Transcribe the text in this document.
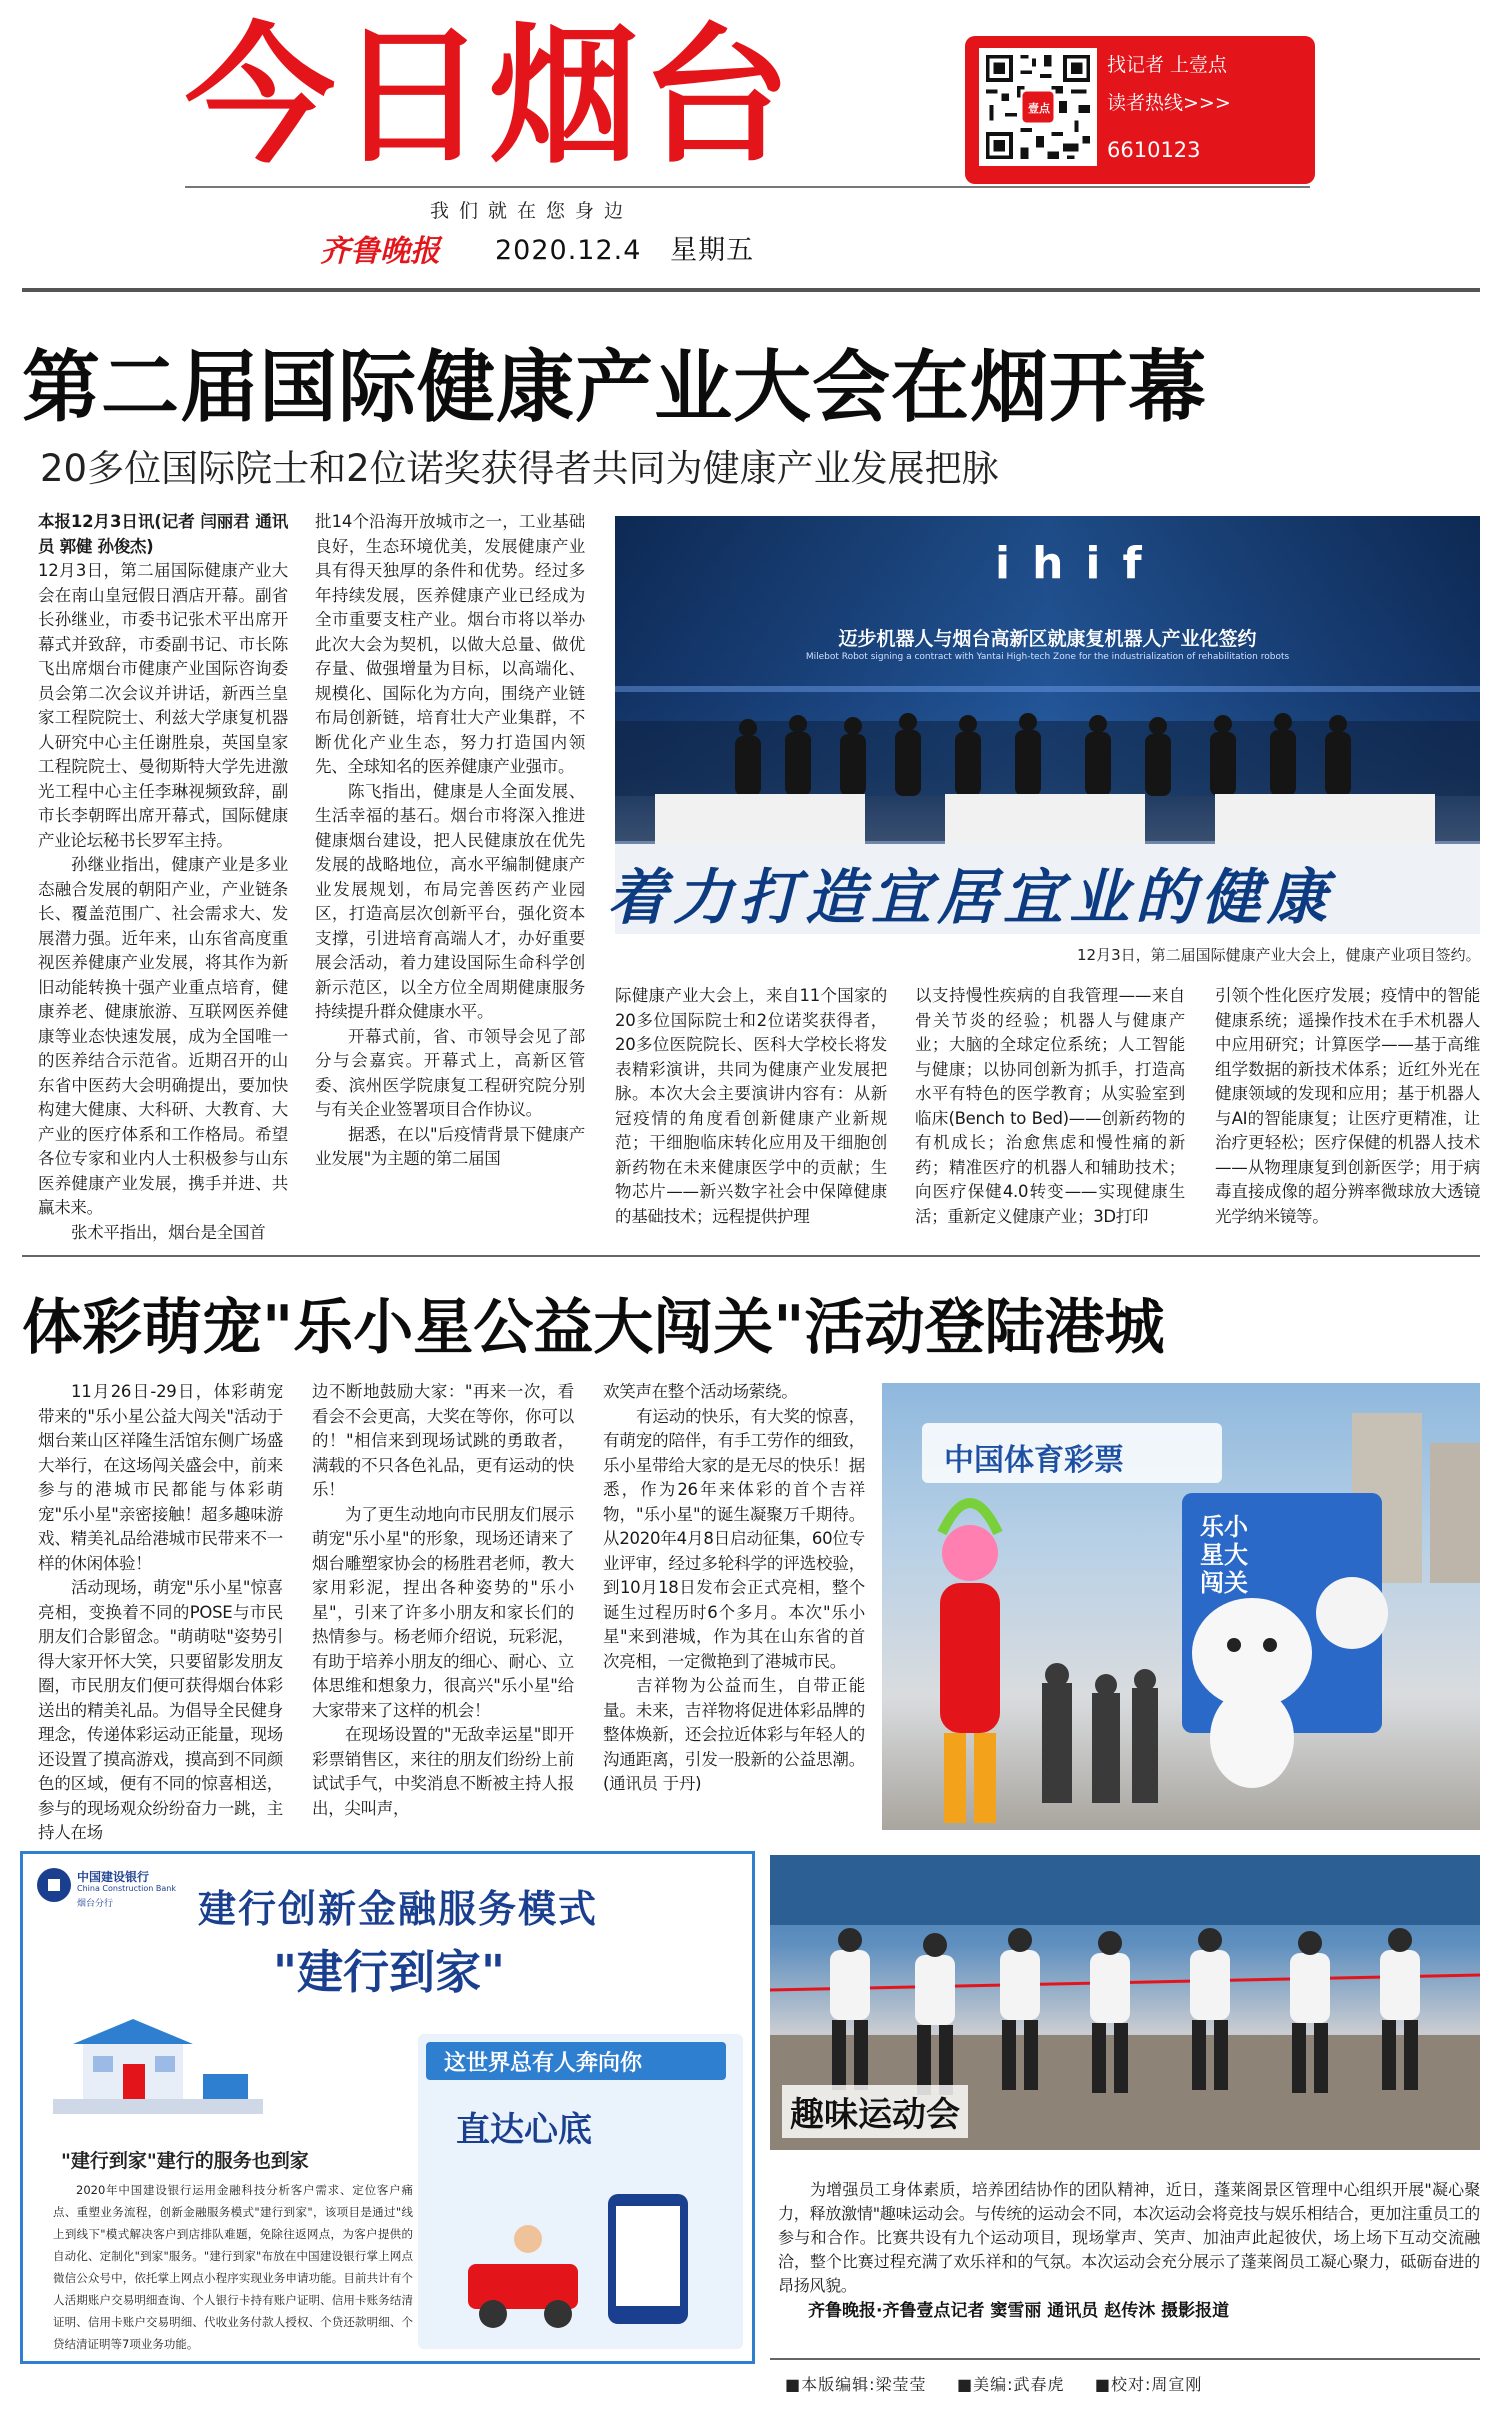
今日烟台	壹点
找记者 上壹点
读者热线>>>
6610123
我们就在您身边
齐鲁晚报 2020.12.4 星期五
第二届国际健康产业大会在烟开幕
20多位国际院士和2位诺奖获得者共同为健康产业发展把脉
本报12月3日讯(记者 闫丽君 通讯员 郭健 孙俊杰)

12月3日，第二届国际健康产业大会在南山皇冠假日酒店开幕。副省长孙继业，市委书记张术平出席开幕式并致辞，市委副书记、市长陈飞出席烟台市健康产业国际咨询委员会第二次会议并讲话，新西兰皇家工程院院士、利兹大学康复机器人研究中心主任谢胜泉，英国皇家工程院院士、曼彻斯特大学先进激光工程中心主任李琳视频致辞，副市长李朝晖出席开幕式，国际健康产业论坛秘书长罗军主持。

孙继业指出，健康产业是多业态融合发展的朝阳产业，产业链条长、覆盖范围广、社会需求大、发展潜力强。近年来，山东省高度重视医养健康产业发展，将其作为新旧动能转换十强产业重点培育，健康养老、健康旅游、互联网医养健康等业态快速发展，成为全国唯一的医养结合示范省。近期召开的山东省中医药大会明确提出，要加快构建大健康、大科研、大教育、大产业的医疗体系和工作格局。希望各位专家和业内人士积极参与山东医养健康产业发展，携手并进、共赢未来。

张术平指出，烟台是全国首

批14个沿海开放城市之一，工业基础良好，生态环境优美，发展健康产业具有得天独厚的条件和优势。经过多年持续发展，医养健康产业已经成为全市重要支柱产业。烟台市将以举办此次大会为契机，以做大总量、做优存量、做强增量为目标，以高端化、规模化、国际化为方向，围绕产业链布局创新链，培育壮大产业集群，不断优化产业生态，努力打造国内领先、全球知名的医养健康产业强市。

陈飞指出，健康是人全面发展、生活幸福的基石。烟台市将深入推进健康烟台建设，把人民健康放在优先发展的战略地位，高水平编制健康产业发展规划，布局完善医药产业园区，打造高层次创新平台，强化资本支撑，引进培育高端人才，办好重要展会活动，着力建设国际生命科学创新示范区，以全方位全周期健康服务持续提升群众健康水平。

开幕式前，省、市领导会见了部分与会嘉宾。开幕式上，高新区管委、滨州医学院康复工程研究院分别与有关企业签署项目合作协议。

据悉，在以"后疫情背景下健康产业发展"为主题的第二届国

ihif
迈步机器人与烟台高新区就康复机器人产业化签约
Milebot Robot signing a contract with Yantai High-tech Zone for the industrialization of rehabilitation robots
着力打造宜居宜业的健康
12月3日，第二届国际健康产业大会上，健康产业项目签约。
际健康产业大会上，来自11个国家的20多位国际院士和2位诺奖获得者，20多位医院院长、医科大学校长将发表精彩演讲，共同为健康产业发展把脉。本次大会主要演讲内容有：从新冠疫情的角度看创新健康产业新规范；干细胞临床转化应用及干细胞创新药物在未来健康医学中的贡献；生物芯片——新兴数字社会中保障健康的基础技术；远程提供护理
以支持慢性疾病的自我管理——来自骨关节炎的经验；机器人与健康产业；大脑的全球定位系统；人工智能与健康；以协同创新为抓手，打造高水平有特色的医学教育；从实验室到临床(Bench to Bed)——创新药物的有机成长；治愈焦虑和慢性痛的新药；精准医疗的机器人和辅助技术；向医疗保健4.0转变——实现健康生活；重新定义健康产业；3D打印
引领个性化医疗发展；疫情中的智能健康系统；遥操作技术在手术机器人中应用研究；计算医学——基于高维组学数据的新技术体系；近红外光在健康领域的发现和应用；基于机器人与AI的智能康复；让医疗更精准，让治疗更轻松；医疗保健的机器人技术——从物理康复到创新医学；用于病毒直接成像的超分辨率微球放大透镜光学纳米镜等。
体彩萌宠"乐小星公益大闯关"活动登陆港城

11月26日-29日，体彩萌宠带来的"乐小星公益大闯关"活动于烟台莱山区祥隆生活馆东侧广场盛大举行，在这场闯关盛会中，前来参与的港城市民都能与体彩萌宠"乐小星"亲密接触！超多趣味游戏、精美礼品给港城市民带来不一样的休闲体验！

活动现场，萌宠"乐小星"惊喜亮相，变换着不同的POSE与市民朋友们合影留念。"萌萌哒"姿势引得大家开怀大笑，只要留影发朋友圈，市民朋友们便可获得烟台体彩送出的精美礼品。为倡导全民健身理念，传递体彩运动正能量，现场还设置了摸高游戏，摸高到不同颜色的区域，便有不同的惊喜相送，参与的现场观众纷纷奋力一跳，主持人在场

边不断地鼓励大家："再来一次，看看会不会更高，大奖在等你，你可以的！"相信来到现场试跳的勇敢者，满载的不只各色礼品，更有运动的快乐！

为了更生动地向市民朋友们展示萌宠"乐小星"的形象，现场还请来了烟台雕塑家协会的杨胜君老师，教大家用彩泥，捏出各种姿势的"乐小星"，引来了许多小朋友和家长们的热情参与。杨老师介绍说，玩彩泥，有助于培养小朋友的细心、耐心、立体思维和想象力，很高兴"乐小星"给大家带来了这样的机会！

在现场设置的"无敌幸运星"即开彩票销售区，来往的朋友们纷纷上前试试手气，中奖消息不断被主持人报出，尖叫声，

欢笑声在整个活动场萦绕。

有运动的快乐，有大奖的惊喜，有萌宠的陪伴，有手工劳作的细致，乐小星带给大家的是无尽的快乐！据悉，作为26年来体彩的首个吉祥物，"乐小星"的诞生凝聚万千期待。从2020年4月8日启动征集，60位专业评审，经过多轮科学的评选校验，到10月18日发布会正式亮相，整个诞生过程历时6个多月。本次"乐小星"来到港城，作为其在山东省的首次亮相，一定微艳到了港城市民。

吉祥物为公益而生，自带正能量。未来，吉祥物将促进体彩品牌的整体焕新，还会拉近体彩与年轻人的沟通距离，引发一股新的公益思潮。(通讯员 于丹)

中国体育彩票
乐小星大闯关
中国建设银行
China Construction Bank
烟台分行 建行创新金融服务模式
"建行到家"
"建行到家"建行的服务也到家
2020年中国建设银行运用金融科技分析客户需求、定位客户痛点、重塑业务流程，创新金融服务模式"建行到家"，该项目是通过"线上到线下"模式解决客户到店排队难题，免除往返网点，为客户提供的自动化、定制化"到家"服务。"建行到家"布放在中国建设银行掌上网点微信公众号中，依托掌上网点小程序实现业务申请功能。目前共计有个人活期账户交易明细查询、个人银行卡持有账户证明、信用卡账务结清证明、信用卡账户交易明细、代收业务付款人授权、个贷还款明细、个贷结清证明等7项业务功能。
这世界总有人奔向你
直达心底	趣味运动会

为增强员工身体素质，培养团结协作的团队精神，近日，蓬莱阁景区管理中心组织开展"凝心聚力，释放激情"趣味运动会。与传统的运动会不同，本次运动会将竞技与娱乐相结合，更加注重员工的参与和合作。比赛共设有九个运动项目，现场掌声、笑声、加油声此起彼伏，场上场下互动交流融洽，整个比赛过程充满了欢乐祥和的气氛。本次运动会充分展示了蓬莱阁员工凝心聚力，砥砺奋进的昂扬风貌。

齐鲁晚报·齐鲁壹点记者 窦雪丽 通讯员 赵传沐 摄影报道
■本版编辑:梁莹莹 ■美编:武春虎 ■校对:周宣刚
